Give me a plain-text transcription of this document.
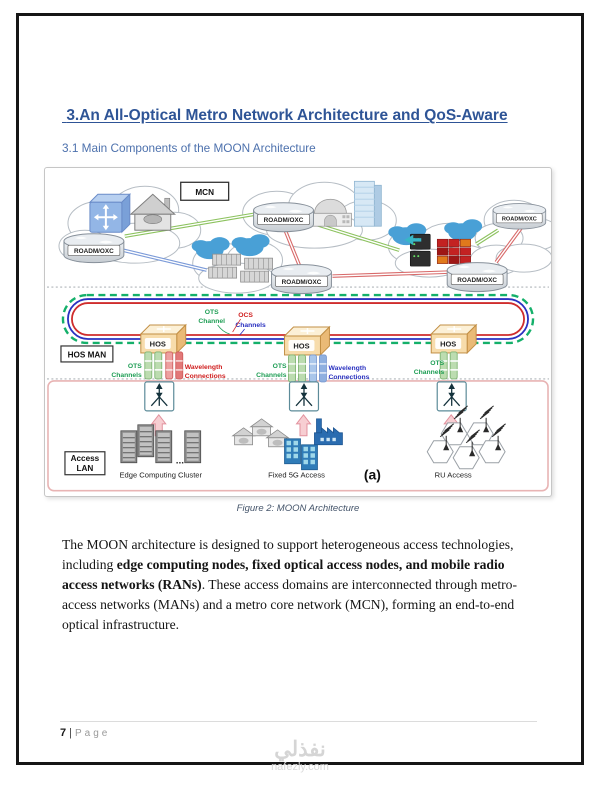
3.An All-Optical Metro Network Architecture and QoS-Aware

3.1 Main Components of the MOON Architecture
ROADM/OXC
ROADM/OXC
ROADM/OXC	ROADM/OXC
ROADM/OXC
MCN
HOS MAN
OTS
Channel
OCS
Channels
HOS	HOS	HOS
OTS
Channels
Wavelength
Connections
OTS
Channels
Wavelength
Connections
OTS
Channels
Access
LAN
...
Edge Computing Cluster	Fixed 5G Access	(a)	RU Access
Figure 2: MOON Architecture

The MOON architecture is designed to support heterogeneous access technologies, including edge computing nodes, fixed optical access nodes, and mobile radio access networks (RANs). These access domains are interconnected through metro-access networks (MANs) and a metro core network (MCN), forming an end-to-end optical infrastructure.

7 | Page
نفذلي
nafezly.com
